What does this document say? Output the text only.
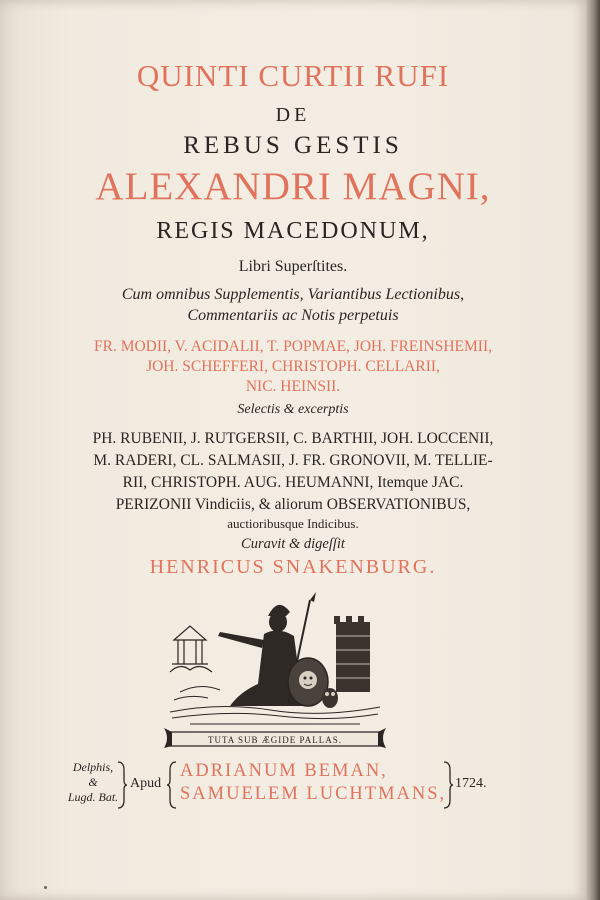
QUINTI CURTII RUFI
DE
REBUS GESTIS
ALEXANDRI MAGNI,
REGIS MACEDONUM,
Libri Superſtites.
Cum omnibus Supplementis, Variantibus Lectionibus,
Commentariis ac Notis perpetuis
FR. MODII, V. ACIDALII, T. POPMAE, JOH. FREINSHEMII,
JOH. SCHEFFERI, CHRISTOPH. CELLARII,
NIC. HEINSII.
Selectis & excerptis
PH. RUBENII, J. RUTGERSII, C. BARTHII, JOH. LOCCENII,
M. RADERI, CL. SALMASII, J. FR. GRONOVII, M. TELLIE-
RII, CHRISTOPH. AUG. HEUMANNI, Itemque JAC.
PERIZONII Vindiciis, & aliorum OBSERVATIONIBUS,
auctioribusque Indicibus.
Curavit & digeſſit
HENRICUS SNAKENBURG.
TUTA SUB ÆGIDE PALLAS.
Delphis,
&
Lugd. Bat.
Apud
ADRIANUM BEMAN,
SAMUELEM LUCHTMANS,
1724.
